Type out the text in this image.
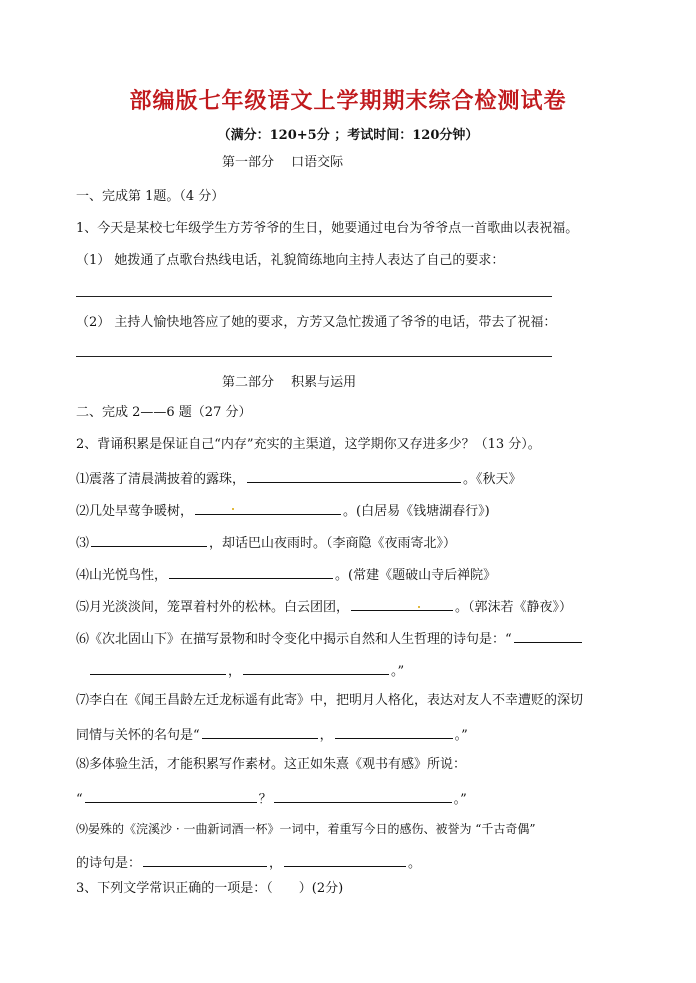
部编版七年级语文上学期期末综合检测试卷
（满分：120+5分 ；考试时间：120分钟）
第一部分　 口语交际
一、完成第 1题。（4 分）
1、今天是某校七年级学生方芳爷爷的生日，她要通过电台为爷爷点一首歌曲以表祝福。
（1） 她拨通了点歌台热线电话，礼貌简练地向主持人表达了自己的要求：
（2） 主持人愉快地答应了她的要求，方芳又急忙拨通了爷爷的电话，带去了祝福：
第二部分　 积累与运用
二、完成 2——6 题（27 分）
2、背诵积累是保证自己“内存”充实的主渠道，这学期你又存进多少？（13 分）。
⑴震落了清晨满披着的露珠，	。《秋天》
⑵几处早莺争暖树，	。(白居易《钱塘湖春行》)
⑶	，却话巴山夜雨时。（李商隐《夜雨寄北》）
⑷山光悦鸟性，	。(常建《题破山寺后禅院》
⑸月光淡淡间，笼罩着村外的松林。白云团团，	。（郭沫若《静夜》）
⑹《次北固山下》在描写景物和时令变化中揭示自然和人生哲理的诗句是：“
，	。”
⑺李白在《闻王昌龄左迁龙标遥有此寄》中，把明月人格化，表达对友人不幸遭贬的深切
同情与关怀的名句是“	，	。”
⑻多体验生活，才能积累写作素材。这正如朱熹《观书有感》所说：
“	？	。”
⑼晏殊的《浣溪沙 · 一曲新词酒一杯》一词中，着重写今日的感伤、被誉为 “千古奇偶”
的诗句是：	，	。
3、下列文学常识正确的一项是：（　　）(2分)
